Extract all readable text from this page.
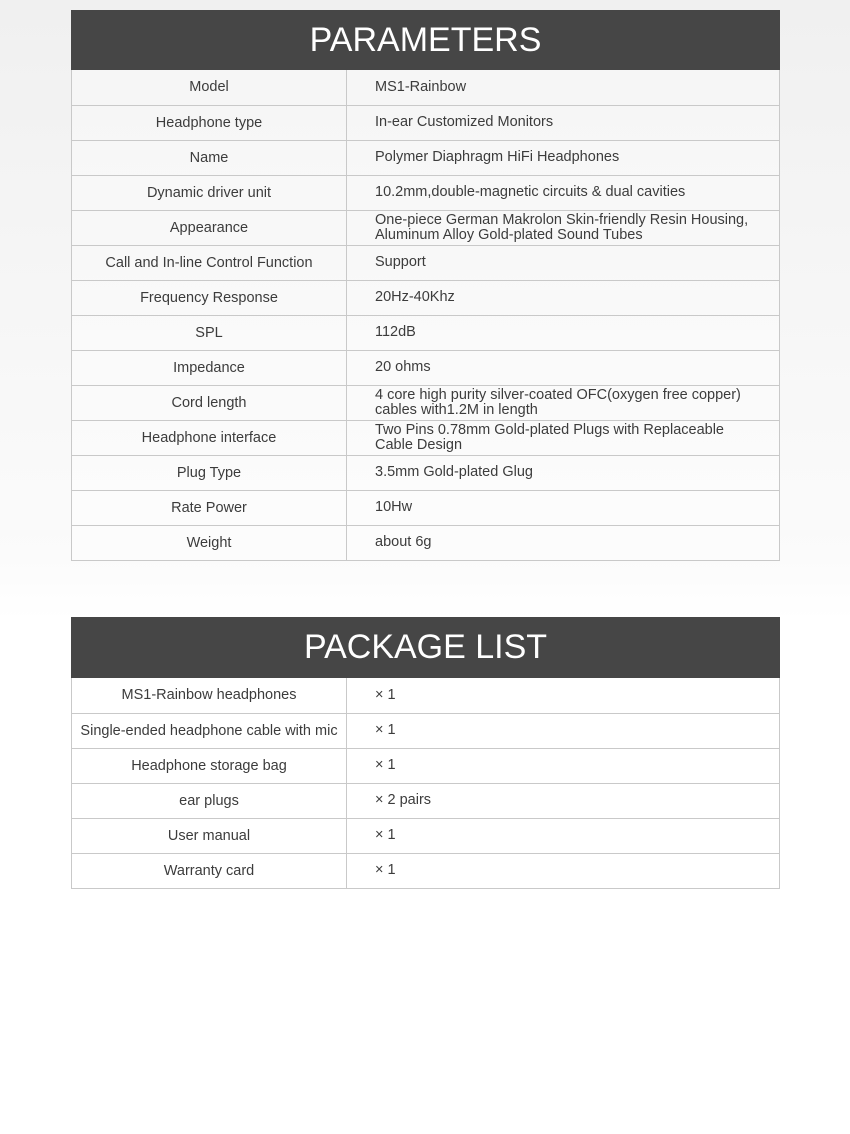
PARAMETERS
Model	MS1-Rainbow
Headphone type	In-ear Customized Monitors
Name	Polymer Diaphragm HiFi Headphones
Dynamic driver unit	10.2mm,double-magnetic circuits & dual cavities
Appearance	One-piece German Makrolon Skin-friendly Resin Housing, Aluminum Alloy Gold-plated Sound Tubes
Call and In-line Control Function	Support
Frequency Response	20Hz-40Khz
SPL	112dB
Impedance	20 ohms
Cord length	4 core high purity silver-coated OFC(oxygen free copper) cables with1.2M in length
Headphone interface	Two Pins 0.78mm Gold-plated Plugs with Replaceable Cable Design
Plug Type	3.5mm Gold-plated Glug
Rate Power	10Hw
Weight	about 6g
PACKAGE LIST
MS1-Rainbow headphones	× 1
Single-ended headphone cable with mic	× 1
Headphone storage bag	× 1
ear plugs	× 2 pairs
User manual	× 1
Warranty card	× 1
